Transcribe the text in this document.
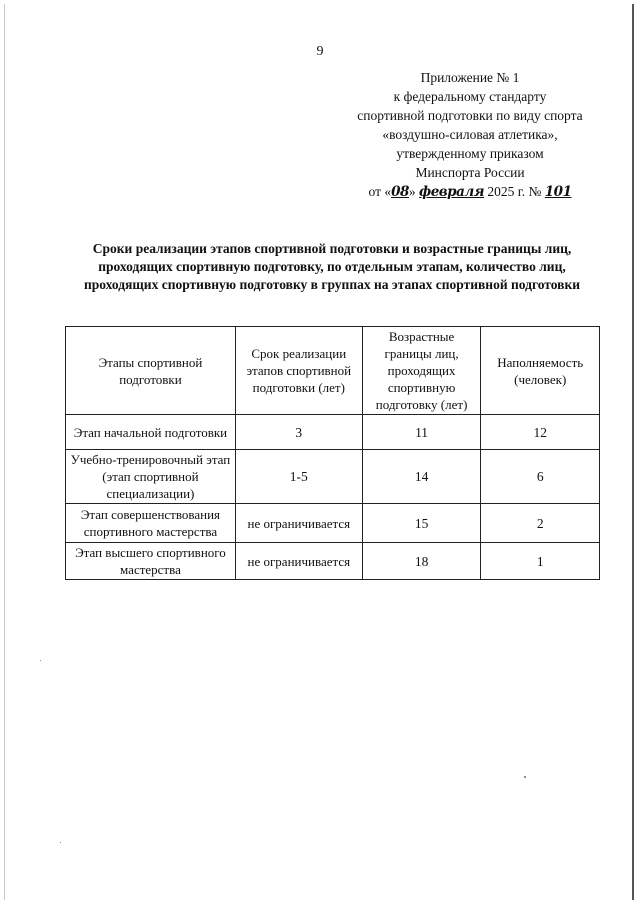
9
Приложение № 1
к федеральному стандарту
спортивной подготовки по виду спорта
«воздушно-силовая атлетика»,
утвержденному приказом
Минспорта России
от «08» февраля 2025 г. № 101
Сроки реализации этапов спортивной подготовки и возрастные границы лиц, проходящих спортивную подготовку, по отдельным этапам, количество лиц, проходящих спортивную подготовку в группах на этапах спортивной подготовки
Этапы спортивной подготовки	Срок реализации этапов спортивной подготовки (лет)	Возрастные границы лиц, проходящих спортивную подготовку (лет)	Наполняемость (человек)
Этап начальной подготовки	3	11	12
Учебно-тренировочный этап (этап спортивной специализации)	1-5	14	6
Этап совершенствования спортивного мастерства	не ограничивается	15	2
Этап высшего спортивного мастерства	не ограничивается	18	1
